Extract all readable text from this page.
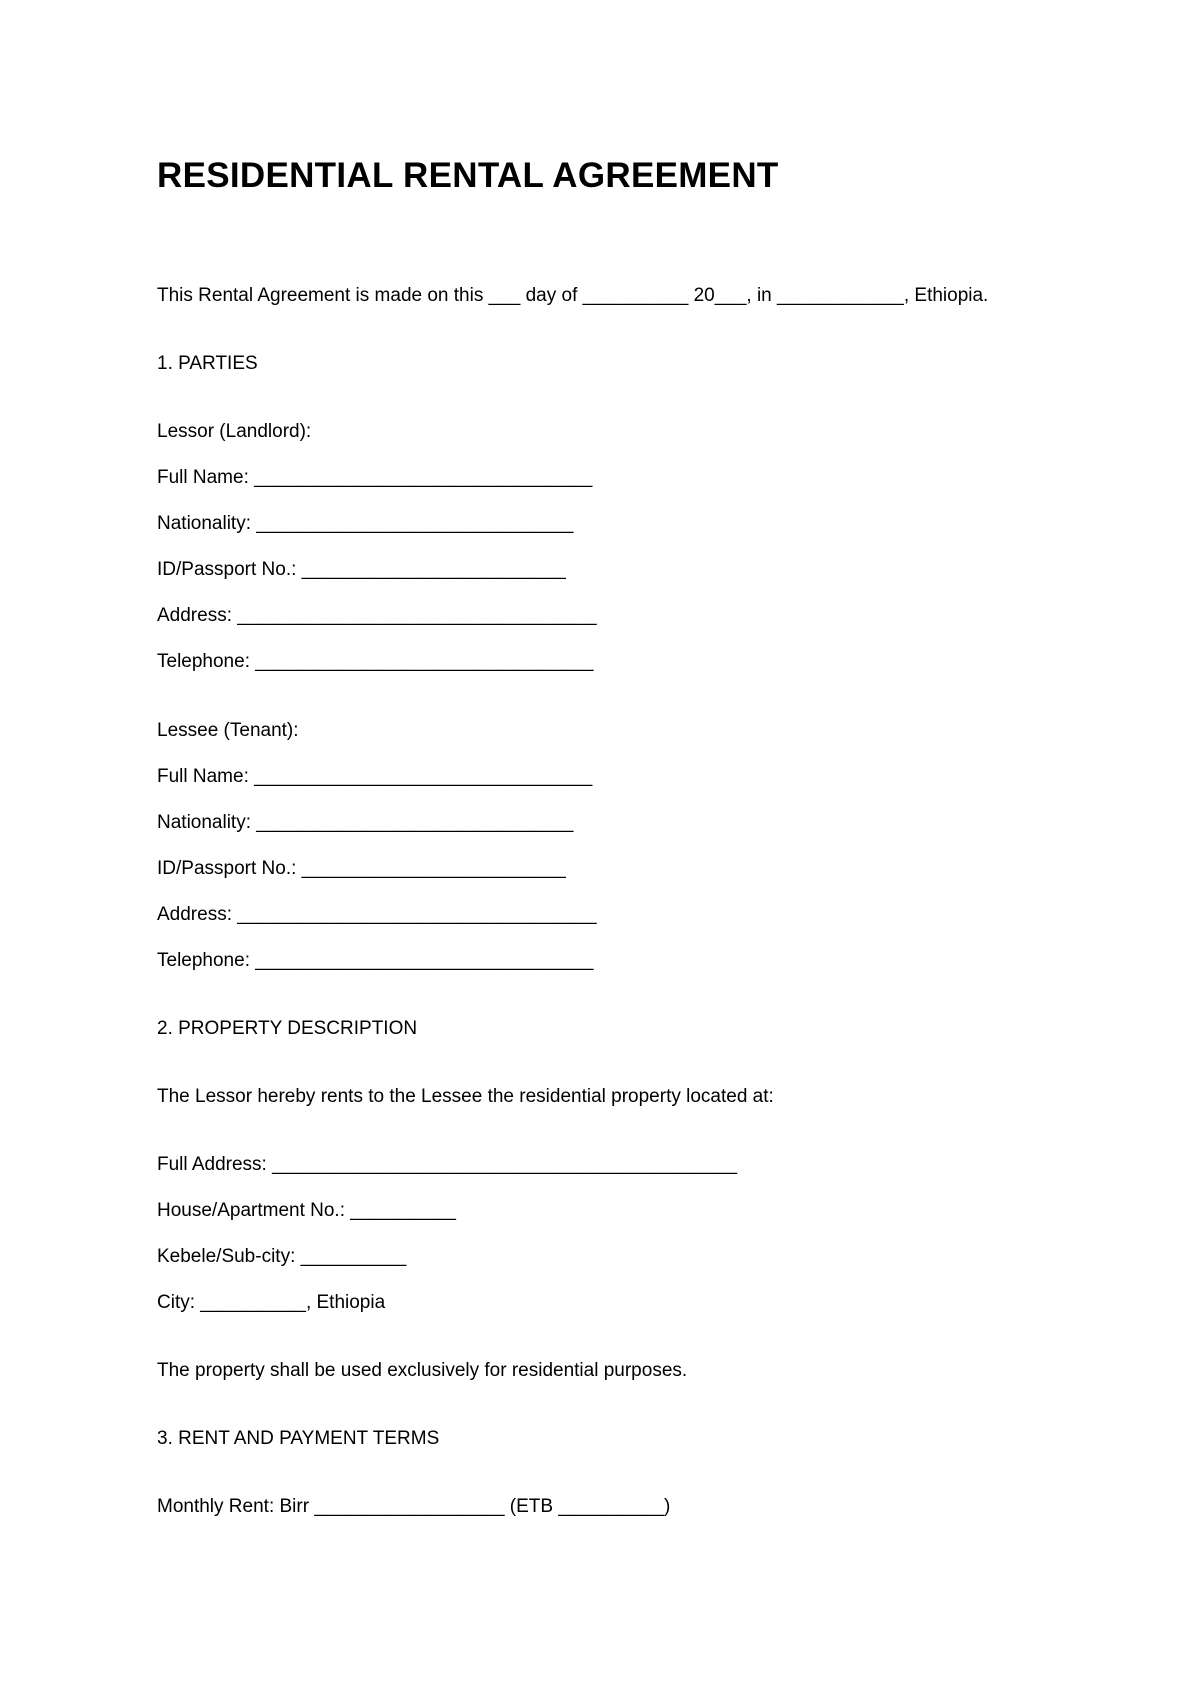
RESIDENTIAL RENTAL AGREEMENT
This Rental Agreement is made on this ___ day of __________ 20___, in ____________, Ethiopia.
1. PARTIES
Lessor (Landlord):
Full Name: ________________________________
Nationality: ______________________________
ID/Passport No.: _________________________
Address: __________________________________
Telephone: ________________________________
Lessee (Tenant):
Full Name: ________________________________
Nationality: ______________________________
ID/Passport No.: _________________________
Address: __________________________________
Telephone: ________________________________
2. PROPERTY DESCRIPTION
The Lessor hereby rents to the Lessee the residential property located at:
Full Address: ____________________________________________
House/Apartment No.: __________
Kebele/Sub-city: __________
City: __________, Ethiopia
The property shall be used exclusively for residential purposes.
3. RENT AND PAYMENT TERMS
Monthly Rent: Birr __________________ (ETB __________)
